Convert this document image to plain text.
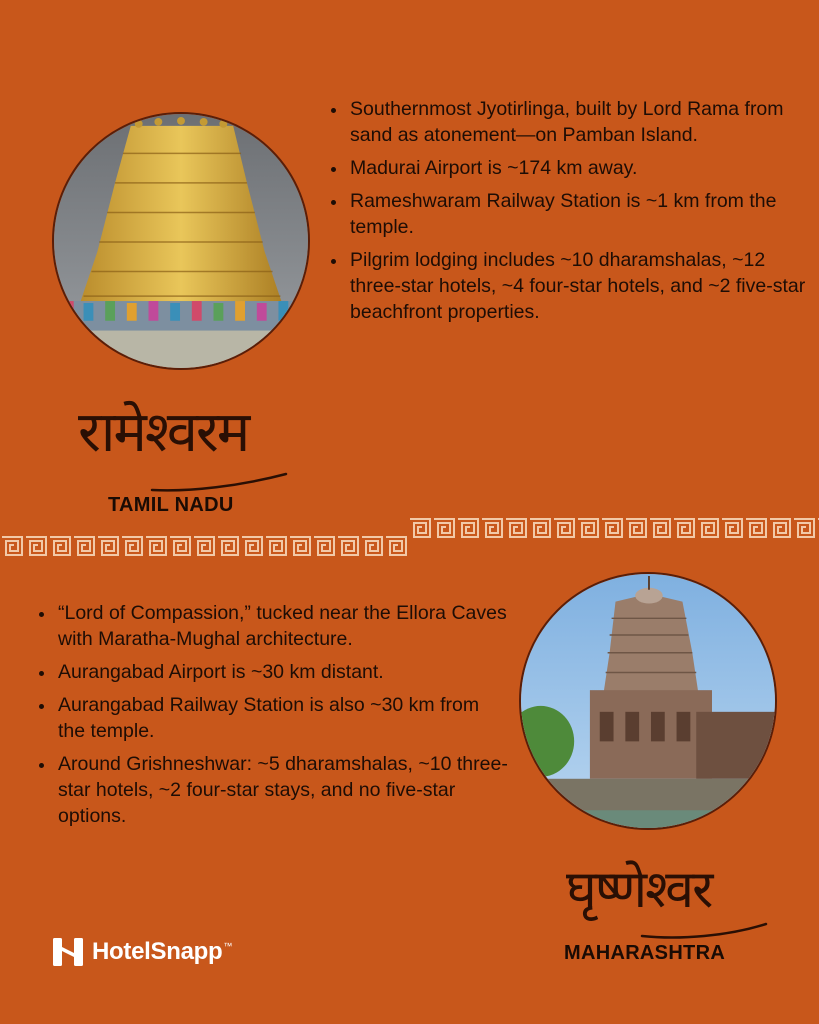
• Southernmost Jyotirlinga, built by Lord Rama from sand as atonement—on Pamban Island.
• Madurai Airport is ~174 km away.
• Rameshwaram Railway Station is ~1 km from the temple.
• Pilgrim lodging includes ~10 dharamshalas, ~12 three-star hotels, ~4 four-star hotels, and ~2 five-star beachfront properties.
रामेश्वरम
TAMIL NADU
• “Lord of Compassion,” tucked near the Ellora Caves with Maratha-Mughal architecture.
• Aurangabad Airport is ~30 km distant.
• Aurangabad Railway Station is also ~30 km from the temple.
• Around Grishneshwar: ~5 dharamshalas, ~10 three-star hotels, ~2 four-star stays, and no five-star options.
घृष्णेश्वर
MAHARASHTRA
HotelSnapp ™
